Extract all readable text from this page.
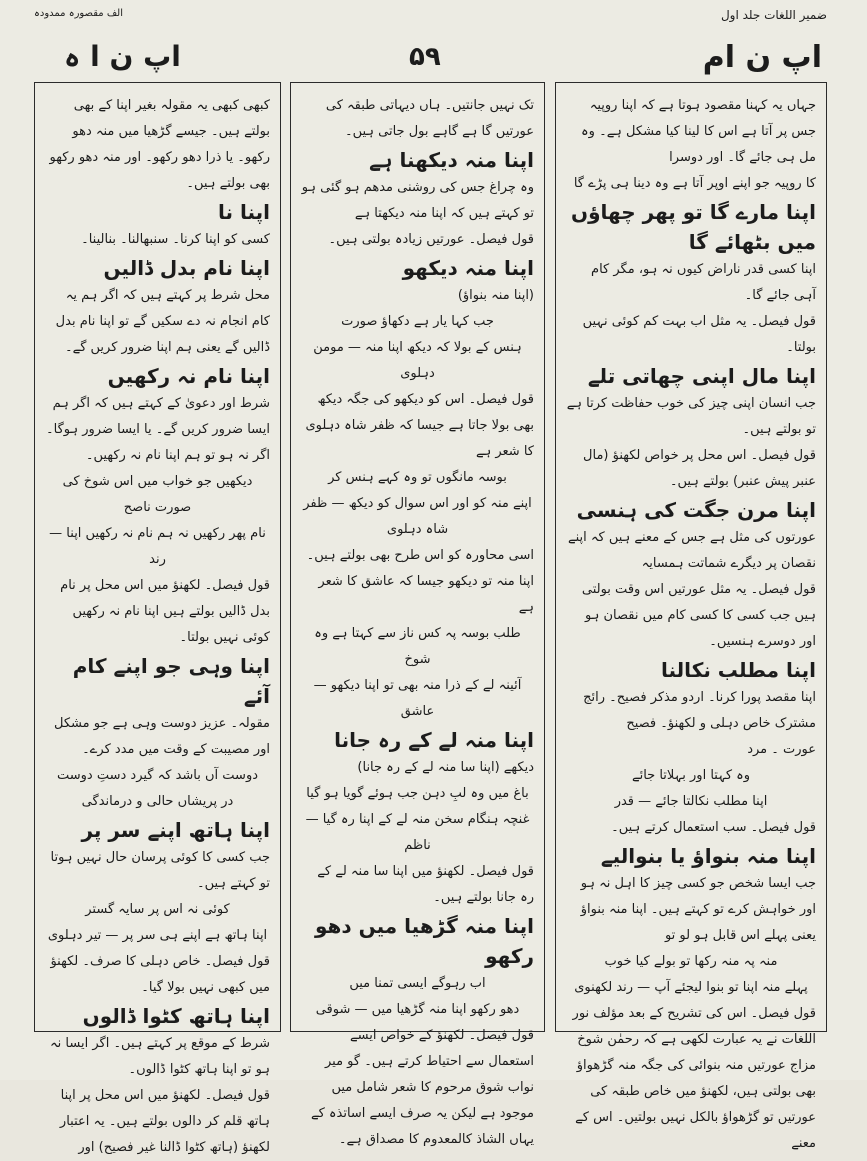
ضمیر اللغات جلد اول
الف مقصورہ ممدودہ
اپ ن ام
۵۹
اپ ن ا ہ

جہاں یہ کہنا مقصود ہوتا ہے کہ اپنا روپیہ جس پر آتا ہے اس کا لینا کیا مشکل ہے۔ وہ مل ہی جائے گا۔ اور دوسرا

کا روپیہ جو اپنے اوپر آتا ہے وہ دینا ہی پڑے گا

اپنا مارے گا تو پھر چھاؤں میں بٹھائے گا

اپنا کسی قدر ناراض کیوں نہ ہو، مگر کام آہی جائے گا۔

قول فیصل۔ یہ مثل اب بہت کم کوئی نہیں بولتا۔

اپنا مال اپنی چھاتی تلے

جب انسان اپنی چیز کی خوب حفاظت کرتا ہے تو بولتے ہیں۔

قول فیصل۔ اس محل پر خواص لکھنؤ (مال عنبر پیش عنبر) بولتے ہیں۔

اپنا مرن جگت کی ہنسی

عورتوں کی مثل ہے جس کے معنے ہیں کہ اپنے نقصان پر دیگرے شماتت ہمسایہ

قول فیصل۔ یہ مثل عورتیں اس وقت بولتی ہیں جب کسی کا کسی کام میں نقصان ہو اور دوسرے ہنسیں۔

اپنا مطلب نکالنا

اپنا مقصد پورا کرنا۔ اردو مذکر فصیح۔ رائج مشترک خاص دہلی و لکھنؤ۔ فصیح

عورت ۔ مرد

وہ کہتا اور بہلاتا جائے

اپنا مطلب نکالتا جائے — قدر

قول فیصل۔ سب استعمال کرتے ہیں۔

اپنا منہ بنواؤ یا بنوالیے

جب ایسا شخص جو کسی چیز کا اہل نہ ہو اور خواہش کرے تو کہتے ہیں۔ اپنا منہ بنواؤ یعنی پہلے اس قابل ہو لو تو

منہ پہ منہ رکھا تو بولے کیا خوب

پہلے منہ اپنا تو بنوا لیجئے آپ — رند لکھنوی

قول فیصل۔ اس کی تشریح کے بعد مؤلف نور اللغات نے یہ عبارت لکھی ہے کہ رحمٰن شوخ مزاج عورتیں منہ بنوائی کی جگہ منہ گڑھواؤ بھی بولتی ہیں، لکھنؤ میں خاص طبقہ کی عورتیں تو گڑھواؤ بالکل نہیں بولتیں۔ اس کے معنے

تک نہیں جانتیں۔ ہاں دیہاتی طبقہ کی عورتیں گا ہے گاہے بول جاتی ہیں۔

اپنا منہ دیکھنا ہے

وہ چراغ جس کی روشنی مدھم ہو گئی ہو تو کہتے ہیں کہ اپنا منہ دیکھتا ہے

قول فیصل۔ عورتیں زیادہ بولتی ہیں۔

اپنا منہ دیکھو

(اپنا منہ بنواؤ)

جب کہا یار ہے دکھاؤ صورت

ہنس کے بولا کہ دیکھ اپنا منہ — مومن دہلوی

قول فیصل۔ اس کو دیکھو کی جگہ دیکھ بھی بولا جاتا ہے جیسا کہ ظفر شاہ دہلوی کا شعر ہے

بوسہ مانگوں تو وہ کہے ہنس کر

اپنے منہ کو اور اس سوال کو دیکھ — ظفر شاہ دہلوی

اسی محاورہ کو اس طرح بھی بولتے ہیں۔ اپنا منہ تو دیکھو جیسا کہ عاشق کا شعر ہے

طلب بوسہ پہ کس ناز سے کہتا ہے وہ شوخ

آئینہ لے کے ذرا منہ بھی تو اپنا دیکھو — عاشق

اپنا منہ لے کے رہ جانا

دیکھے (اپنا سا منہ لے کے رہ جانا)

باغ میں وہ لبِ دہن جب ہوئے گویا ہو گیا

غنچہ ہنگام سخن منہ لے کے اپنا رہ گیا — ناظم

قول فیصل۔ لکھنؤ میں اپنا سا منہ لے کے رہ جانا بولتے ہیں۔

اپنا منہ گڑھیا میں دھو رکھو

اب رہوگے ایسی تمنا میں

دھو رکھو اپنا منہ گڑھیا میں — شوقی

قول فیصل۔ لکھنؤ کے خواص ایسے استعمال سے احتیاط کرتے ہیں۔ گو میر نواب شوق مرحوم کا شعر شامل میں موجود ہے لیکن یہ صرف ایسے اساتذہ کے یہاں الشاذ کالمعدوم کا مصداق ہے۔

کبھی کبھی یہ مقولہ بغیر اپنا کے بھی بولتے ہیں۔ جیسے گڑھیا میں منہ دھو رکھو۔ یا ذرا دھو رکھو۔ اور منہ دھو رکھو بھی بولتے ہیں۔

اپنا نا

کسی کو اپنا کرنا۔ سنبھالنا۔ بنالینا۔

اپنا نام بدل ڈالیں

محل شرط پر کہتے ہیں کہ اگر ہم یہ کام انجام نہ دے سکیں گے تو اپنا نام بدل ڈالیں گے یعنی ہم اپنا ضرور کریں گے۔

اپنا نام نہ رکھیں

شرط اور دعویٰ کے کہتے ہیں کہ اگر ہم ایسا ضرور کریں گے۔ یا ایسا ضرور ہوگا۔ اگر نہ ہو تو ہم اپنا نام نہ رکھیں۔

دیکھیں جو خواب میں اس شوخ کی صورت ناصح

نام پھر رکھیں نہ ہم نام نہ رکھیں اپنا — رند

قول فیصل۔ لکھنؤ میں اس محل پر نام بدل ڈالیں بولتے ہیں اپنا نام نہ رکھیں کوئی نہیں بولتا۔

اپنا وہی جو اپنے کام آئے

مقولہ۔ عزیز دوست وہی ہے جو مشکل اور مصیبت کے وقت میں مدد کرے۔

دوست آں باشد کہ گیرد دستِ دوست

در پریشاں حالی و درماندگی

اپنا ہاتھ اپنے سر پر

جب کسی کا کوئی پرسان حال نہیں ہوتا تو کہتے ہیں۔

کوئی نہ اس پر سایہ گستر

اپنا ہاتھ ہے اپنے ہی سر پر — تیر دہلوی

قول فیصل۔ خاص دہلی کا صرف۔ لکھنؤ میں کبھی نہیں بولا گیا۔

اپنا ہاتھ کٹوا ڈالوں

شرط کے موقع پر کہتے ہیں۔ اگر ایسا نہ ہو تو اپنا ہاتھ کٹوا ڈالوں۔

قول فیصل۔ لکھنؤ میں اس محل پر اپنا ہاتھ قلم کر دالوں بولتے ہیں۔ یہ اعتبار لکھنؤ (ہاتھ کٹوا ڈالنا غیر فصیح) اور
